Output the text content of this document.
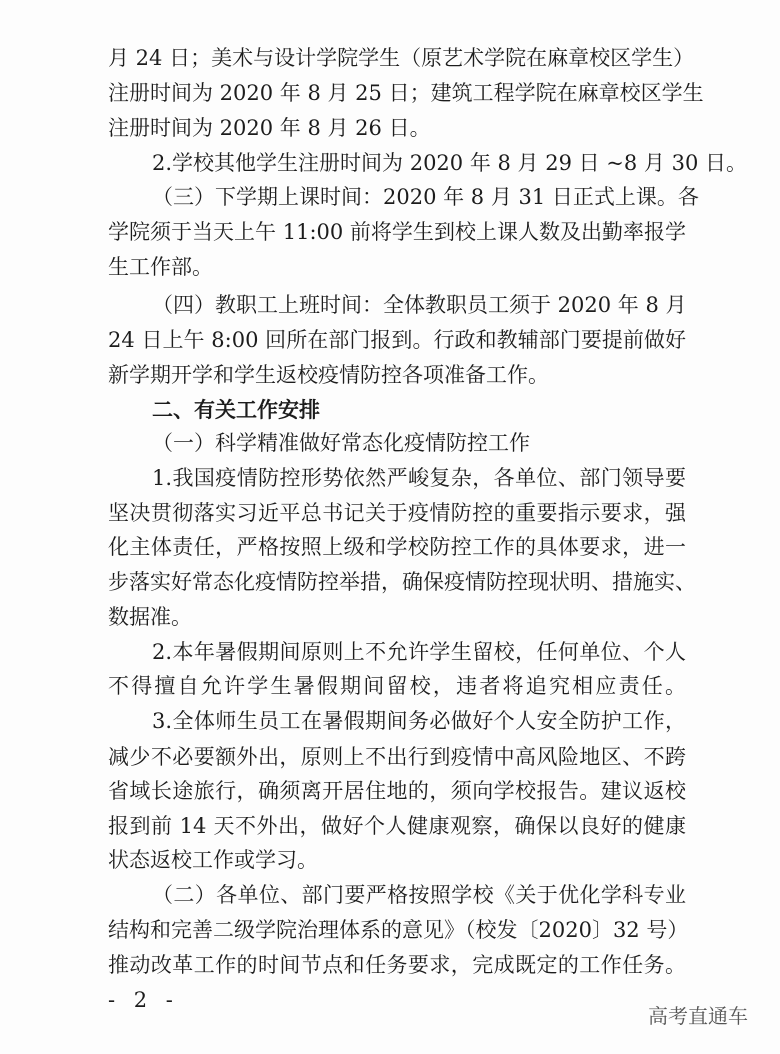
月 24 日；美术与设计学院学生（原艺术学院在麻章校区学生）
注册时间为 2020 年 8 月 25 日；建筑工程学院在麻章校区学生
注册时间为 2020 年 8 月 26 日。
2.学校其他学生注册时间为 2020 年 8 月 29 日 ~8 月 30 日。
（三）下学期上课时间：2020 年 8 月 31 日正式上课。各
学院须于当天上午 11:00 前将学生到校上课人数及出勤率报学
生工作部。
（四）教职工上班时间：全体教职员工须于 2020 年 8 月
24 日上午 8:00 回所在部门报到。行政和教辅部门要提前做好
新学期开学和学生返校疫情防控各项准备工作。
二、有关工作安排
（一）科学精准做好常态化疫情防控工作
1.我国疫情防控形势依然严峻复杂，各单位、部门领导要
坚决贯彻落实习近平总书记关于疫情防控的重要指示要求，强
化主体责任，严格按照上级和学校防控工作的具体要求，进一
步落实好常态化疫情防控举措，确保疫情防控现状明、措施实、
数据准。
2.本年暑假期间原则上不允许学生留校，任何单位、个人
不得擅自允许学生暑假期间留校，违者将追究相应责任。
3.全体师生员工在暑假期间务必做好个人安全防护工作，
减少不必要额外出，原则上不出行到疫情中高风险地区、不跨
省域长途旅行，确须离开居住地的，须向学校报告。建议返校
报到前 14 天不外出，做好个人健康观察，确保以良好的健康
状态返校工作或学习。
（二）各单位、部门要严格按照学校《关于优化学科专业
结构和完善二级学院治理体系的意见》（校发〔2020〕32 号）
推动改革工作的时间节点和任务要求，完成既定的工作任务。
- 2 -
高考直通车
